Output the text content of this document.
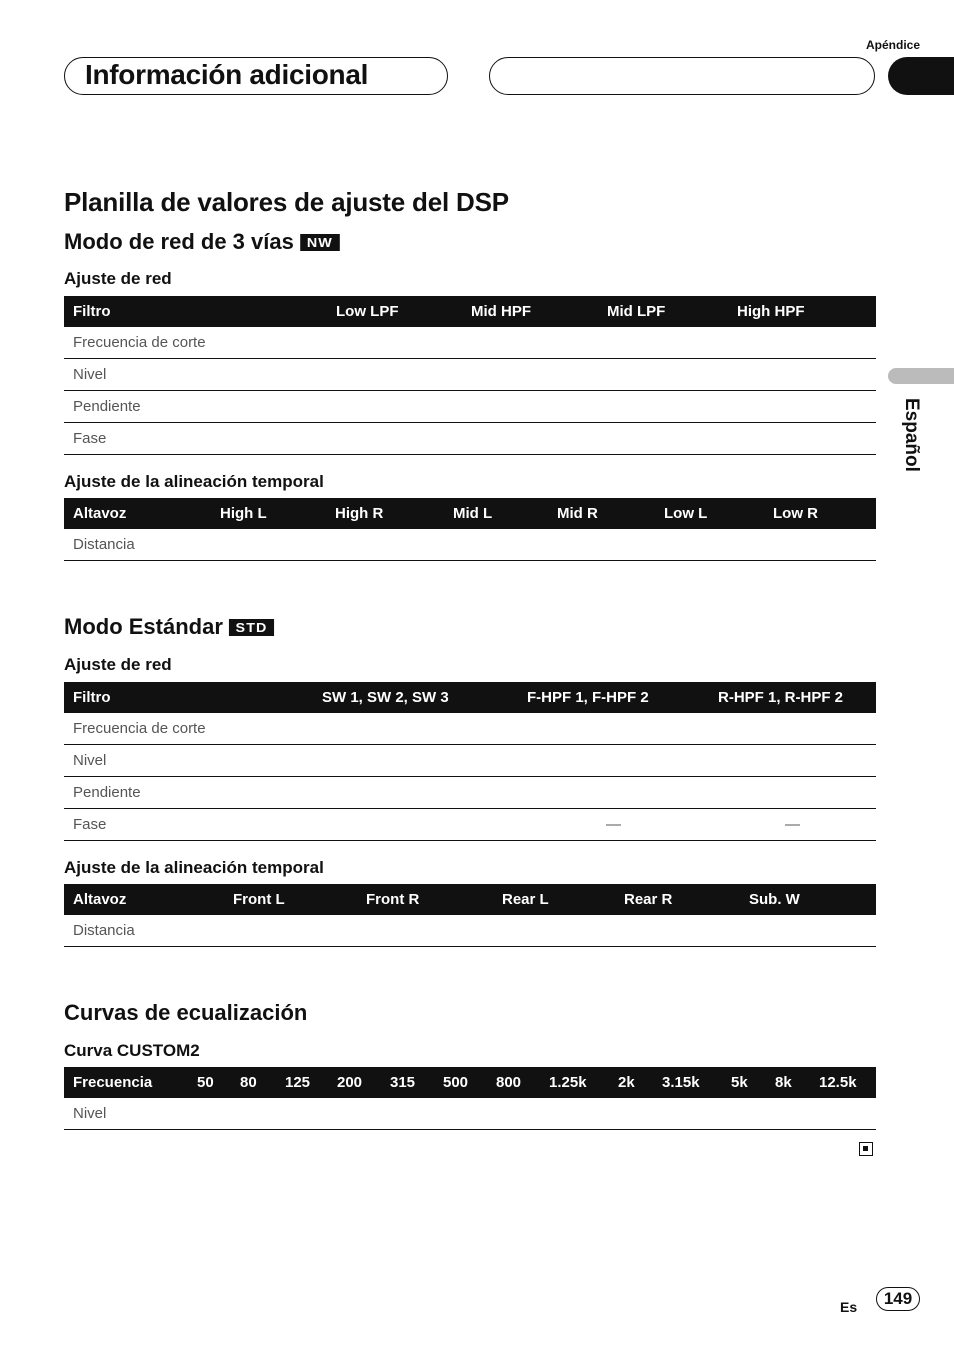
Apéndice
Información adicional
Español
Planilla de valores de ajuste del DSP
Modo de red de 3 vías NW
Ajuste de red
Filtro	Low LPF	Mid HPF	Mid LPF	High HPF
Frecuencia de corte				
Nivel				
Pendiente				
Fase				
Ajuste de la alineación temporal
Altavoz	High L	High R	Mid L	Mid R	Low L	Low R
Distancia						
Modo Estándar STD
Ajuste de red
Filtro	SW 1, SW 2, SW 3	F-HPF 1, F-HPF 2	R-HPF 1, R-HPF 2
Frecuencia de corte			
Nivel			
Pendiente			
Fase		—	—
Ajuste de la alineación temporal
Altavoz	Front L	Front R	Rear L	Rear R	Sub. W
Distancia					
Curvas de ecualización
Curva CUSTOM2
Frecuencia	50	80	125	200	315	500	800	1.25k	2k	3.15k	5k	8k	12.5k
Nivel													
Es	149
